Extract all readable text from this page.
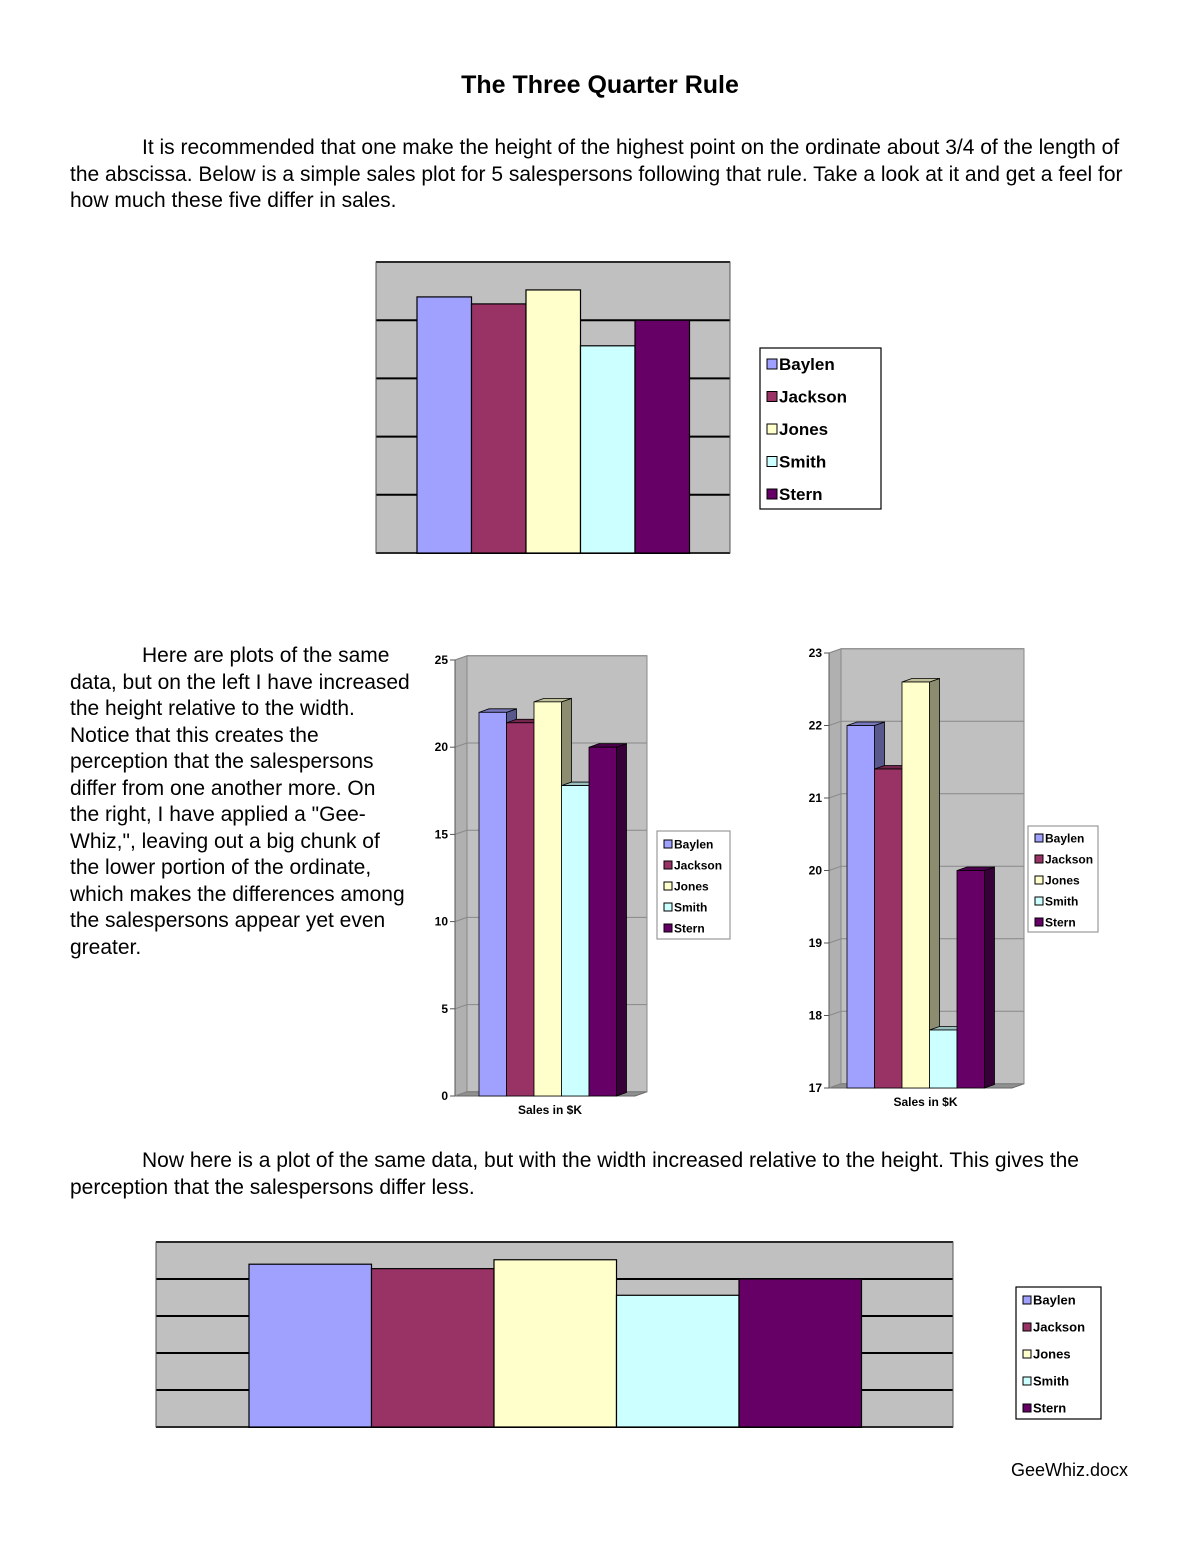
The Three Quarter Rule

It is recommended that one make the height of the highest point on the ordinate about 3/4 of the length of the abscissa. Below is a simple sales plot for 5 salespersons following that rule. Take a look at it and get a feel for how much these five differ in sales.

Baylen
Jackson
Jones
Smith
Stern
0
5
10
15
20
25
Sales in $K
Baylen
Jackson
Jones
Smith
Stern
17
18
19
20
21
22
23
Sales in $K
Baylen
Jackson
Jones
Smith
Stern
Baylen
Jackson
Jones
Smith
Stern

Here are plots of the same data, but on the left I have increased the height relative to the width. Notice that this creates the perception that the salespersons differ from one another more. On the right, I have applied a "Gee-Whiz,", leaving out a big chunk of the lower portion of the ordinate, which makes the differences among the salespersons appear yet even greater.

Now here is a plot of the same data, but with the width increased relative to the height. This gives the perception that the salespersons differ less.

GeeWhiz.docx
